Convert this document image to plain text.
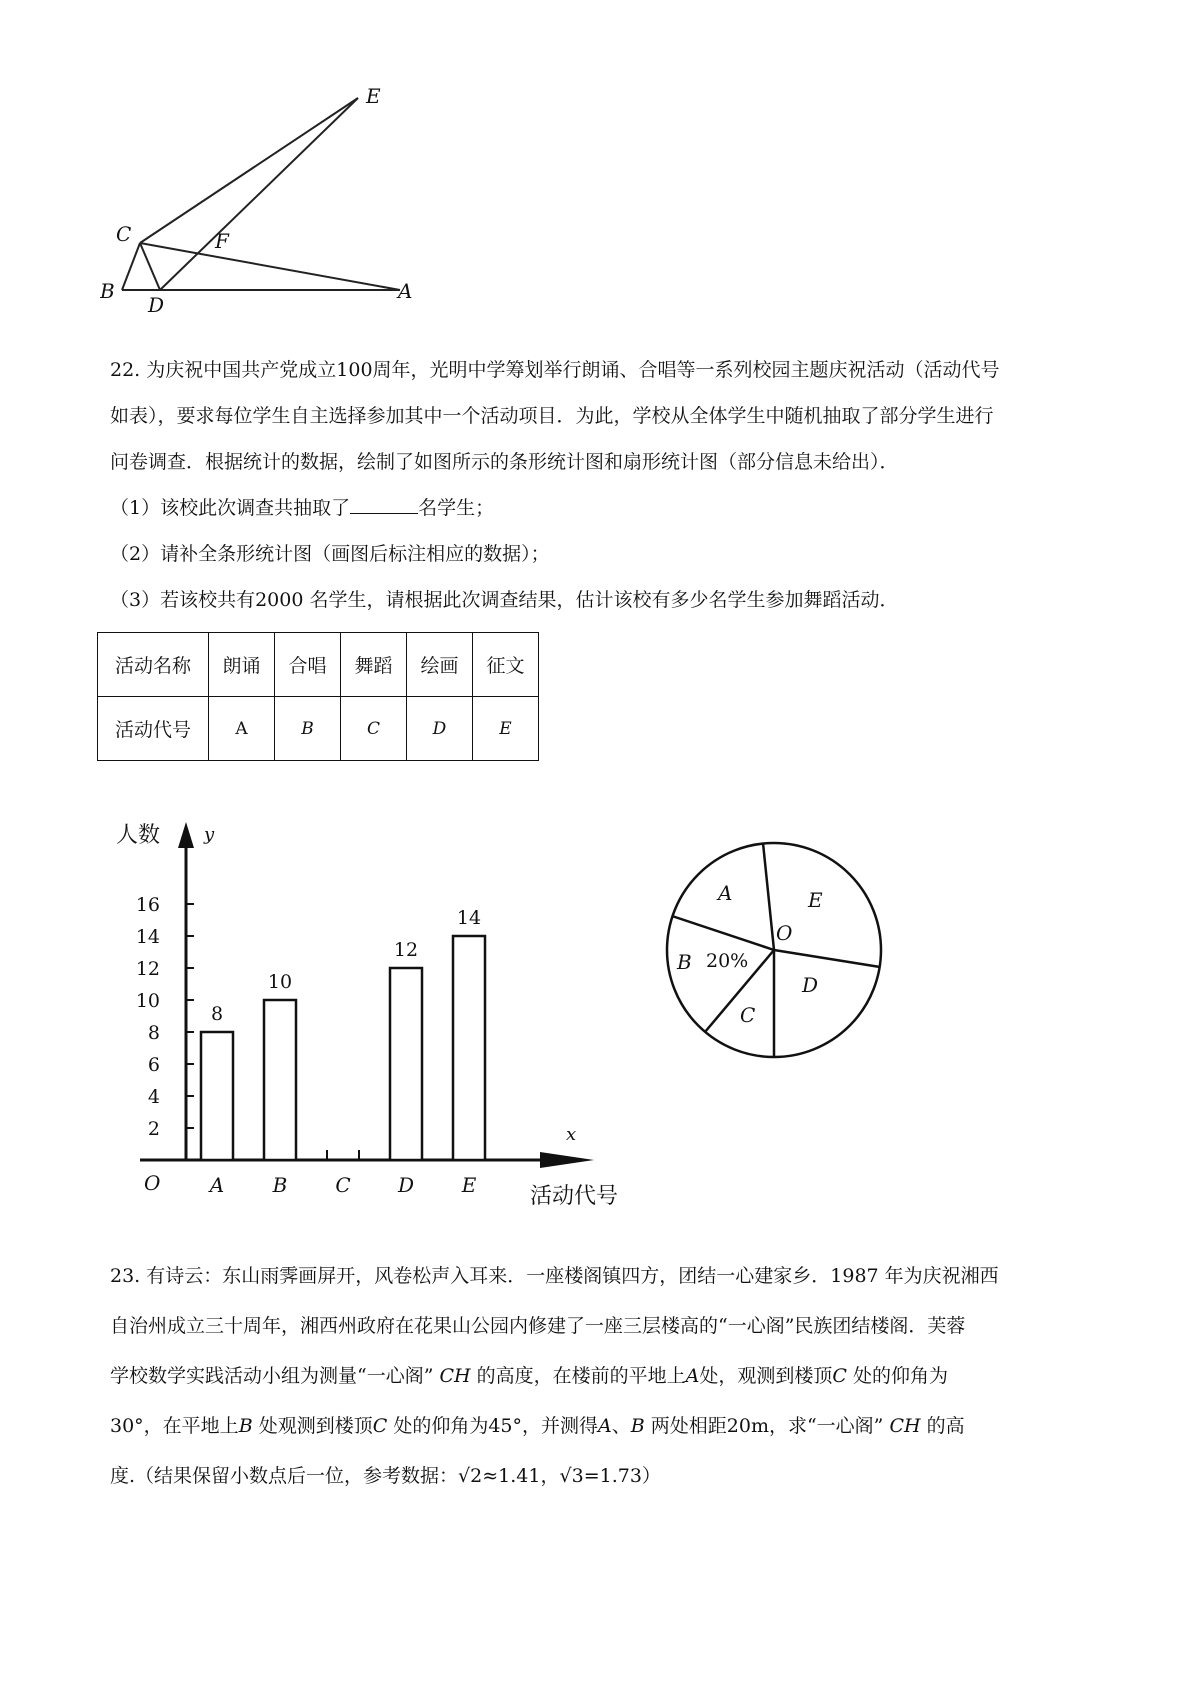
E
C	F
B
D
A
22. 为庆祝中国共产党成立100周年，光明中学筹划举行朗诵、合唱等一系列校园主题庆祝活动（活动代号
如表），要求每位学生自主选择参加其中一个活动项目．为此，学校从全体学生中随机抽取了部分学生进行
问卷调查．根据统计的数据，绘制了如图所示的条形统计图和扇形统计图（部分信息未给出）．
（1）该校此次调查共抽取了	名学生；
（2）请补全条形统计图（画图后标注相应的数据）；
（3）若该校共有2000 名学生，请根据此次调查结果，估计该校有多少名学生参加舞蹈活动．
活动名称	朗诵	合唱	舞蹈	绘画	征文
活动代号	A	B	C	D	E
人数 y
x
活动代号
O
2
4
6
8
10
12
14
16
8
A
10
B C
12
D
14
E
A	E
O
B
C
D
20%
23. 有诗云：东山雨霁画屏开，风卷松声入耳来．一座楼阁镇四方，团结一心建家乡．1987 年为庆祝湘西
自治州成立三十周年，湘西州政府在花果山公园内修建了一座三层楼高的“一心阁”民族团结楼阁．芙蓉
学校数学实践活动小组为测量“一心阁” CH 的高度，在楼前的平地上A处，观测到楼顶C 处的仰角为
30°，在平地上B 处观测到楼顶C 处的仰角为45°，并测得A、B 两处相距20m，求“一心阁” CH 的高
度.（结果保留小数点后一位，参考数据：√2≈1.41，√3=1.73）
